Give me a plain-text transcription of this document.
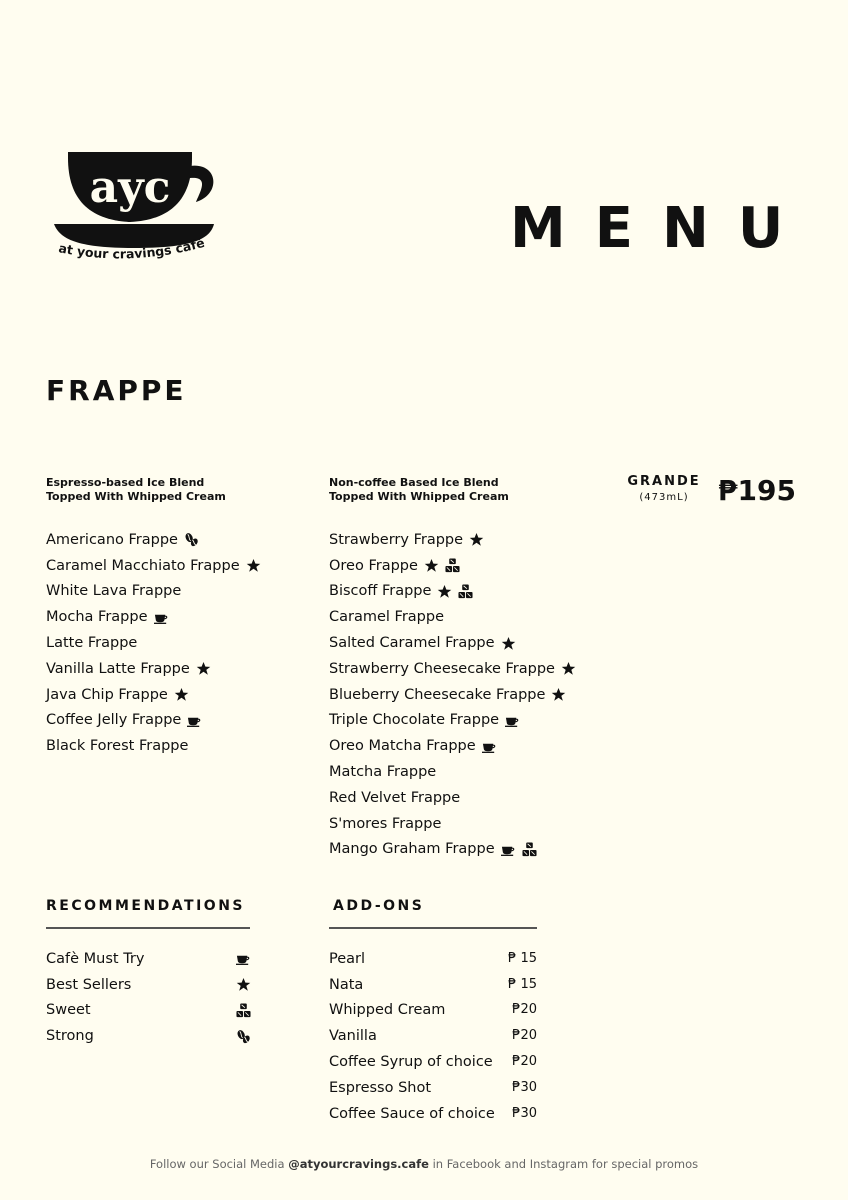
ayc
at your cravings café	MENU
FRAPPE
Espresso-based Ice Blend
Topped With Whipped Cream
Non-coffee Based Ice Blend
Topped With Whipped Cream
GRANDE
(473mL)	₱195
Americano Frappe
Caramel Macchiato Frappe
White Lava Frappe
Mocha Frappe
Latte Frappe
Vanilla Latte Frappe
Java Chip Frappe
Coffee Jelly Frappe
Black Forest Frappe
Strawberry Frappe
Oreo Frappe
Biscoff Frappe
Caramel Frappe
Salted Caramel Frappe
Strawberry Cheesecake Frappe
Blueberry Cheesecake Frappe
Triple Chocolate Frappe
Oreo Matcha Frappe
Matcha Frappe
Red Velvet Frappe
S'mores Frappe
Mango Graham Frappe
RECOMMENDATIONS
Cafè Must Try
Best Sellers
Sweet
Strong
ADD-ONS
Pearl	₱ 15
Nata	₱ 15
Whipped Cream	₱20
Vanilla	₱20
Coffee Syrup of choice ₱20
Espresso Shot	₱30
Coffee Sauce of choice ₱30
Follow our Social Media @atyourcravings.cafe in Facebook and Instagram for special promos
